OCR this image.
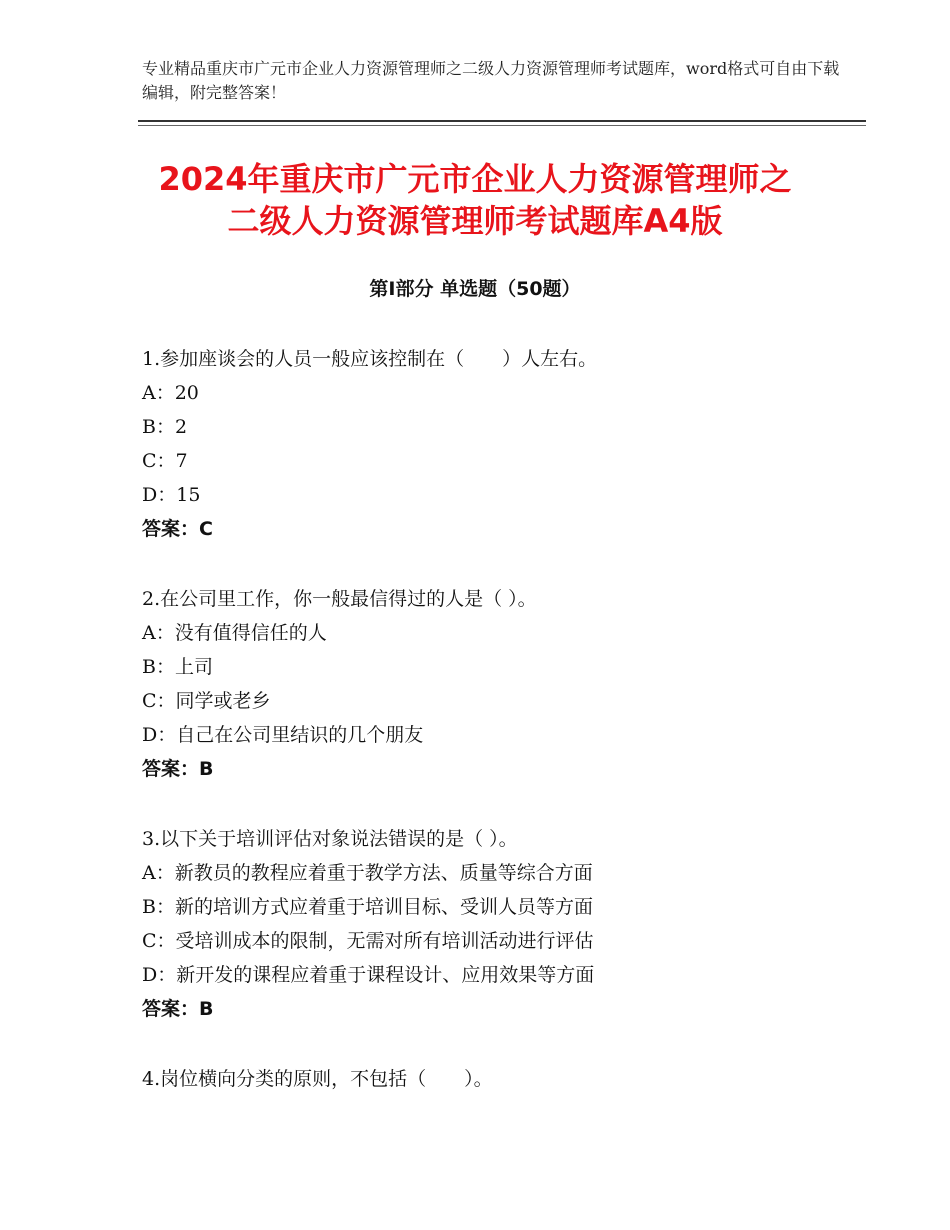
专业精品重庆市广元市企业人力资源管理师之二级人力资源管理师考试题库，word格式可自由下载编辑，附完整答案！
2024年重庆市广元市企业人力资源管理师之
二级人力资源管理师考试题库A4版
第Ⅰ部分 单选题（50题）
1.参加座谈会的人员一般应该控制在（　　）人左右。
A：20
B：2
C：7
D：15
答案：C
2.在公司里工作，你一般最信得过的人是（ ）。
A：没有值得信任的人
B：上司
C：同学或老乡
D：自己在公司里结识的几个朋友
答案：B
3.以下关于培训评估对象说法错误的是（ ）。
A：新教员的教程应着重于教学方法、质量等综合方面
B：新的培训方式应着重于培训目标、受训人员等方面
C：受培训成本的限制，无需对所有培训活动进行评估
D：新开发的课程应着重于课程设计、应用效果等方面
答案：B
4.岗位横向分类的原则，不包括（　　）。
